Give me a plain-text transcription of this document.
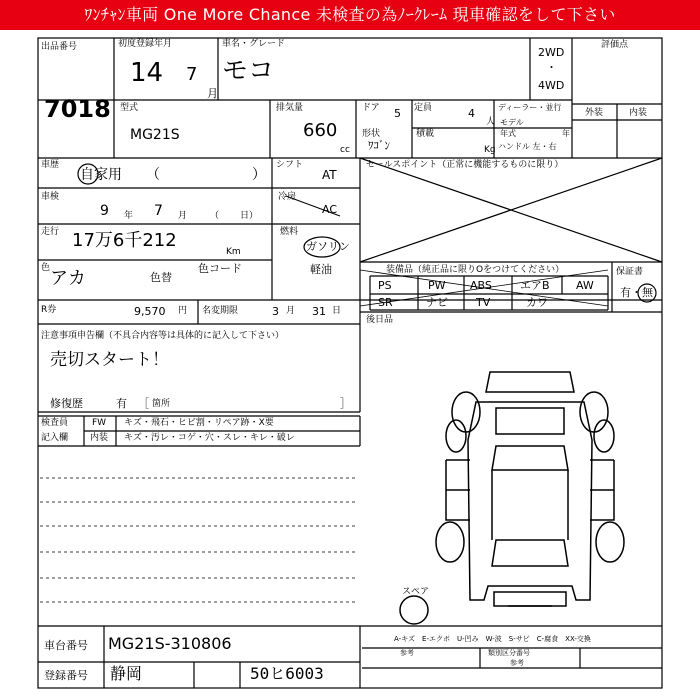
ﾜﾝﾁｬﾝ車両 One More Chance 未検査の為ﾉｰｸﾚｰﾑ 現車確認をして下さい
出品番号
7018
初度登録年月
14 7
月
車名・グレード
モコ
2WD
・
4WD
評価点
外装	内装
型式
MG21S
排気量
660
cc
ドア 5 定員	4
人
形状
ﾜｺﾞﾝ
積載
Kg
ディーラー・並行
モデル
年式	年
ハンドル 左・右
車歴
自家用 （	）
シフト
AT
セールスポイント（正常に機能するものに限り）
車検
9 年 7 月	（ 日）
冷房
AC
走行 17万6千212
Km
燃料
ガソリン
軽油
色 アカ	色替
色コード	装備品（純正品に限りOをつけてください）
PS	PW ABS	エアB AW
SR	ナビ	TV	カワ
保証書
有・無
後日品
R券	9,570 円 名変期限	3 月 31 日
注意事項申告欄（不具合内容等は具体的に記入して下さい）
売切スタート！
修復歴	有 ［ 箇所	］
検査員
記入欄
FW キズ・飛石・ヒビ割・リペア跡・X要
内装 キズ・汚レ・コゲ・穴・スレ・キレ・破レ
スペア
A-キズ　E-エクボ　U-凹み　W-波　S-サビ　C-腐食　XX-交換
参考	類別区分番号
参考
車台番号 MG21S-310806
登録番号 静岡	50ヒ6003
